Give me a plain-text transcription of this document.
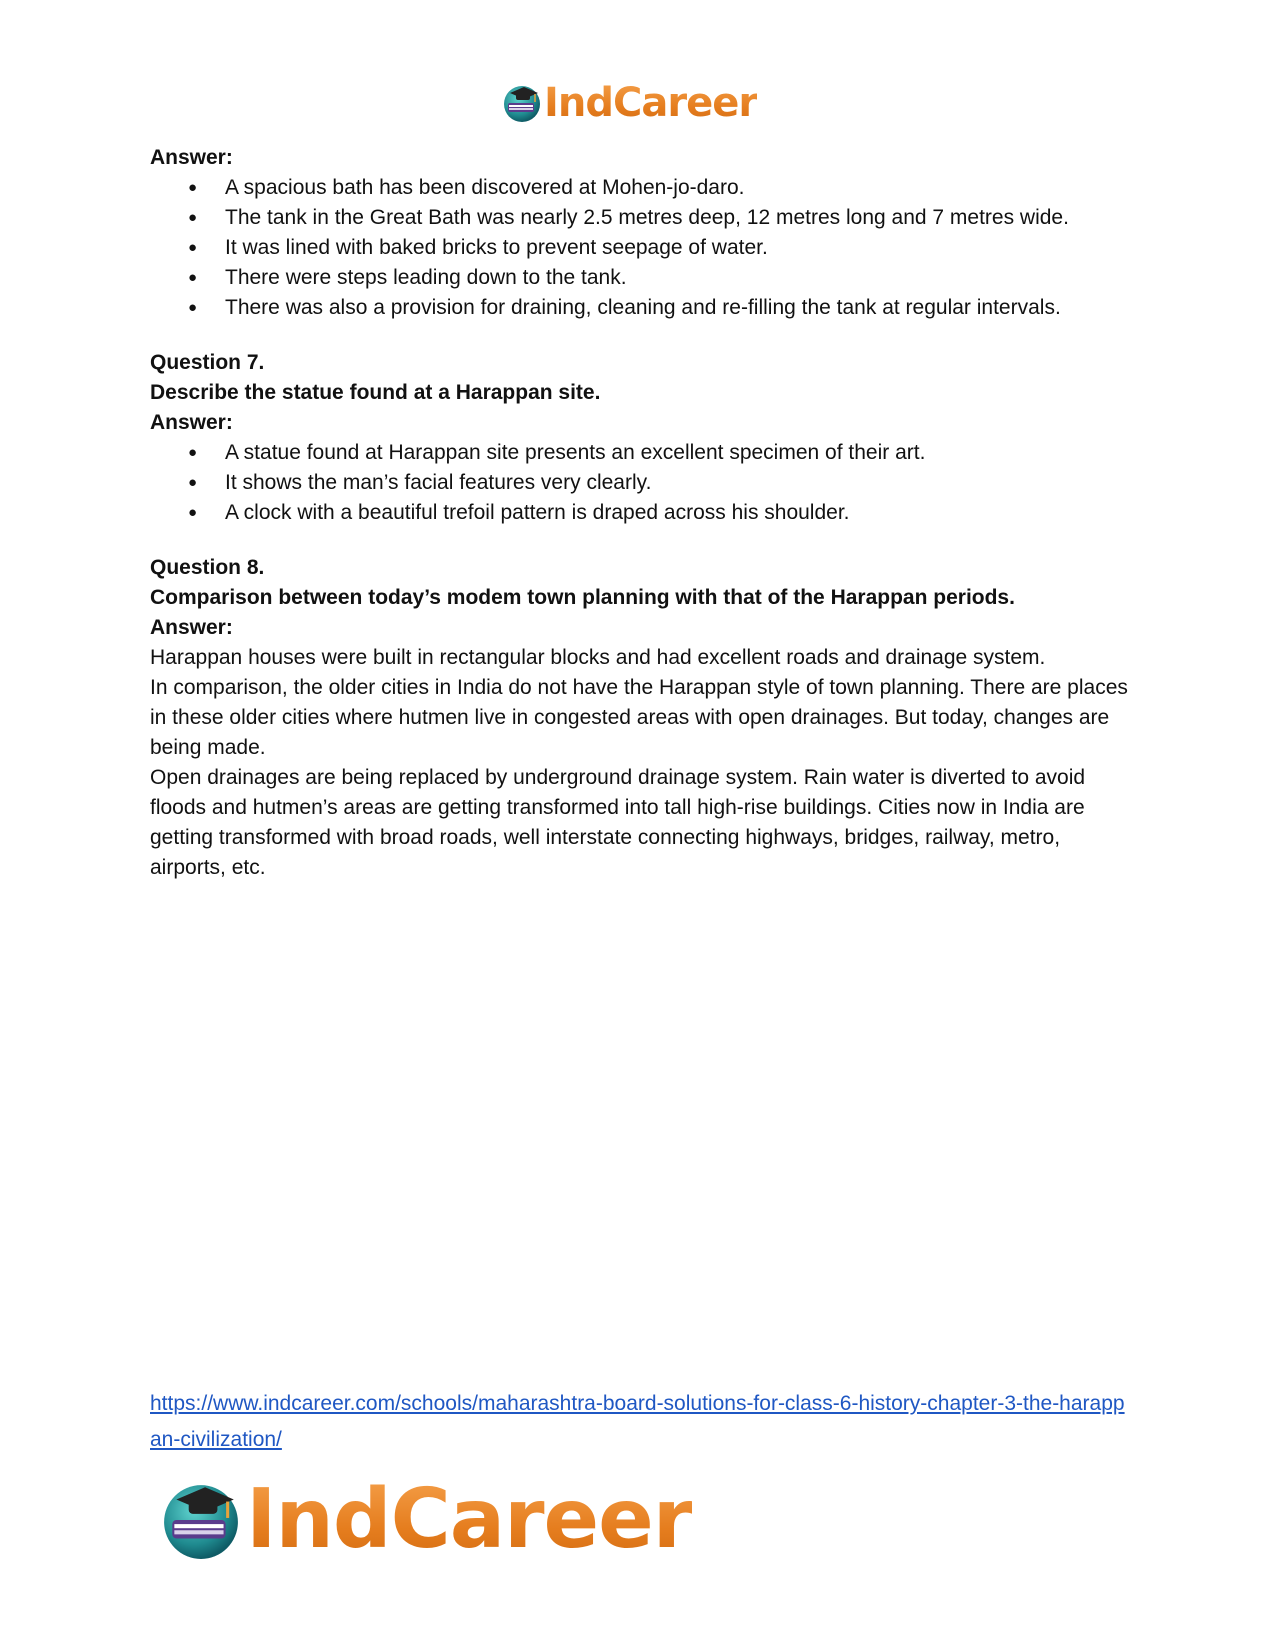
IndCareer

Answer:

● A spacious bath has been discovered at Mohen-jo-daro.
● The tank in the Great Bath was nearly 2.5 metres deep, 12 metres long and 7 metres wide.
● It was lined with baked bricks to prevent seepage of water.
● There were steps leading down to the tank.
● There was also a provision for draining, cleaning and re-filling the tank at regular intervals.

Question 7.

Describe the statue found at a Harappan site.

Answer:

● A statue found at Harappan site presents an excellent specimen of their art.
● It shows the man’s facial features very clearly.
● A clock with a beautiful trefoil pattern is draped across his shoulder.

Question 8.

Comparison between today’s modem town planning with that of the Harappan periods.

Answer:

Harappan houses were built in rectangular blocks and had excellent roads and drainage system.

In comparison, the older cities in India do not have the Harappan style of town planning. There are places in these older cities where hutmen live in congested areas with open drainages. But today, changes are being made.

Open drainages are being replaced by underground drainage system. Rain water is diverted to avoid floods and hutmen’s areas are getting transformed into tall high-rise buildings. Cities now in India are getting transformed with broad roads, well interstate connecting highways, bridges, railway, metro, airports, etc.

https://www.indcareer.com/schools/maharashtra-board-solutions-for-class-6-history-chapter-3-the-harappan-civilization/
IndCareer
